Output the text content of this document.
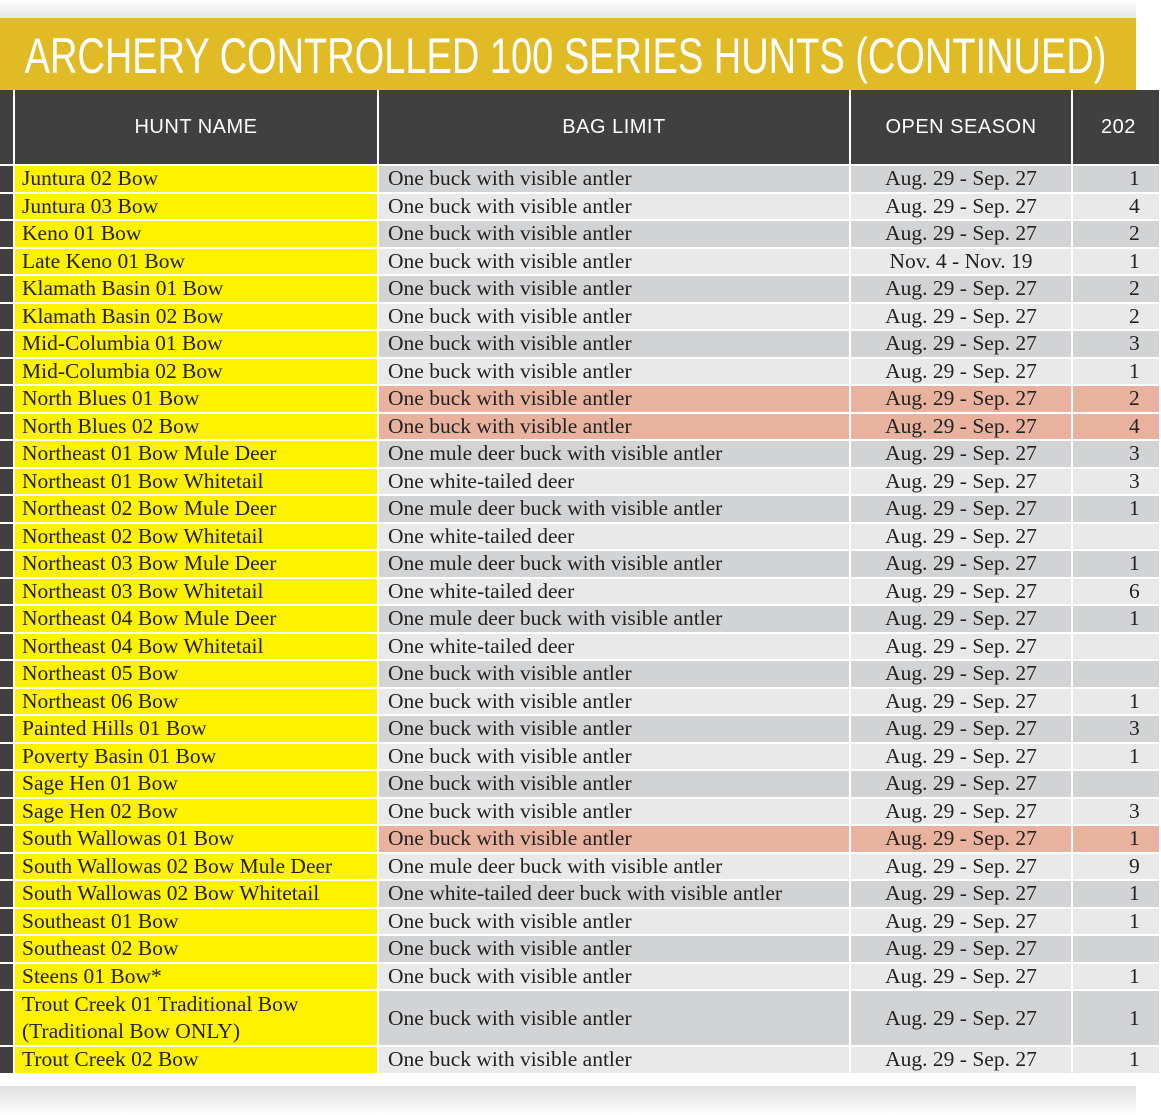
ARCHERY CONTROLLED 100 SERIES HUNTS (CONTINUED)
	HUNT NAME	BAG LIMIT	OPEN SEASON	202
	Juntura 02 Bow	One buck with visible antler	Aug. 29 - Sep. 27	1
	Juntura 03 Bow	One buck with visible antler	Aug. 29 - Sep. 27	4
	Keno 01 Bow	One buck with visible antler	Aug. 29 - Sep. 27	2
	Late Keno 01 Bow	One buck with visible antler	Nov. 4 - Nov. 19	1
	Klamath Basin 01 Bow	One buck with visible antler	Aug. 29 - Sep. 27	2
	Klamath Basin 02 Bow	One buck with visible antler	Aug. 29 - Sep. 27	2
	Mid-Columbia 01 Bow	One buck with visible antler	Aug. 29 - Sep. 27	3
	Mid-Columbia 02 Bow	One buck with visible antler	Aug. 29 - Sep. 27	1
	North Blues 01 Bow	One buck with visible antler	Aug. 29 - Sep. 27	2
	North Blues 02 Bow	One buck with visible antler	Aug. 29 - Sep. 27	4
	Northeast 01 Bow Mule Deer	One mule deer buck with visible antler	Aug. 29 - Sep. 27	3
	Northeast 01 Bow Whitetail	One white-tailed deer	Aug. 29 - Sep. 27	3
	Northeast 02 Bow Mule Deer	One mule deer buck with visible antler	Aug. 29 - Sep. 27	1
	Northeast 02 Bow Whitetail	One white-tailed deer	Aug. 29 - Sep. 27	
	Northeast 03 Bow Mule Deer	One mule deer buck with visible antler	Aug. 29 - Sep. 27	1
	Northeast 03 Bow Whitetail	One white-tailed deer	Aug. 29 - Sep. 27	6
	Northeast 04 Bow Mule Deer	One mule deer buck with visible antler	Aug. 29 - Sep. 27	1
	Northeast 04 Bow Whitetail	One white-tailed deer	Aug. 29 - Sep. 27	
	Northeast 05 Bow	One buck with visible antler	Aug. 29 - Sep. 27	
	Northeast 06 Bow	One buck with visible antler	Aug. 29 - Sep. 27	1
	Painted Hills 01 Bow	One buck with visible antler	Aug. 29 - Sep. 27	3
	Poverty Basin 01 Bow	One buck with visible antler	Aug. 29 - Sep. 27	1
	Sage Hen 01 Bow	One buck with visible antler	Aug. 29 - Sep. 27	
	Sage Hen 02 Bow	One buck with visible antler	Aug. 29 - Sep. 27	3
	South Wallowas 01 Bow	One buck with visible antler	Aug. 29 - Sep. 27	1
	South Wallowas 02 Bow Mule Deer	One mule deer buck with visible antler	Aug. 29 - Sep. 27	9
	South Wallowas 02 Bow Whitetail	One white-tailed deer buck with visible antler	Aug. 29 - Sep. 27	1
	Southeast 01 Bow	One buck with visible antler	Aug. 29 - Sep. 27	1
	Southeast 02 Bow	One buck with visible antler	Aug. 29 - Sep. 27	
	Steens 01 Bow*	One buck with visible antler	Aug. 29 - Sep. 27	1
	Trout Creek 01 Traditional Bow (Traditional Bow ONLY)	One buck with visible antler	Aug. 29 - Sep. 27	1
	Trout Creek 02 Bow	One buck with visible antler	Aug. 29 - Sep. 27	1
